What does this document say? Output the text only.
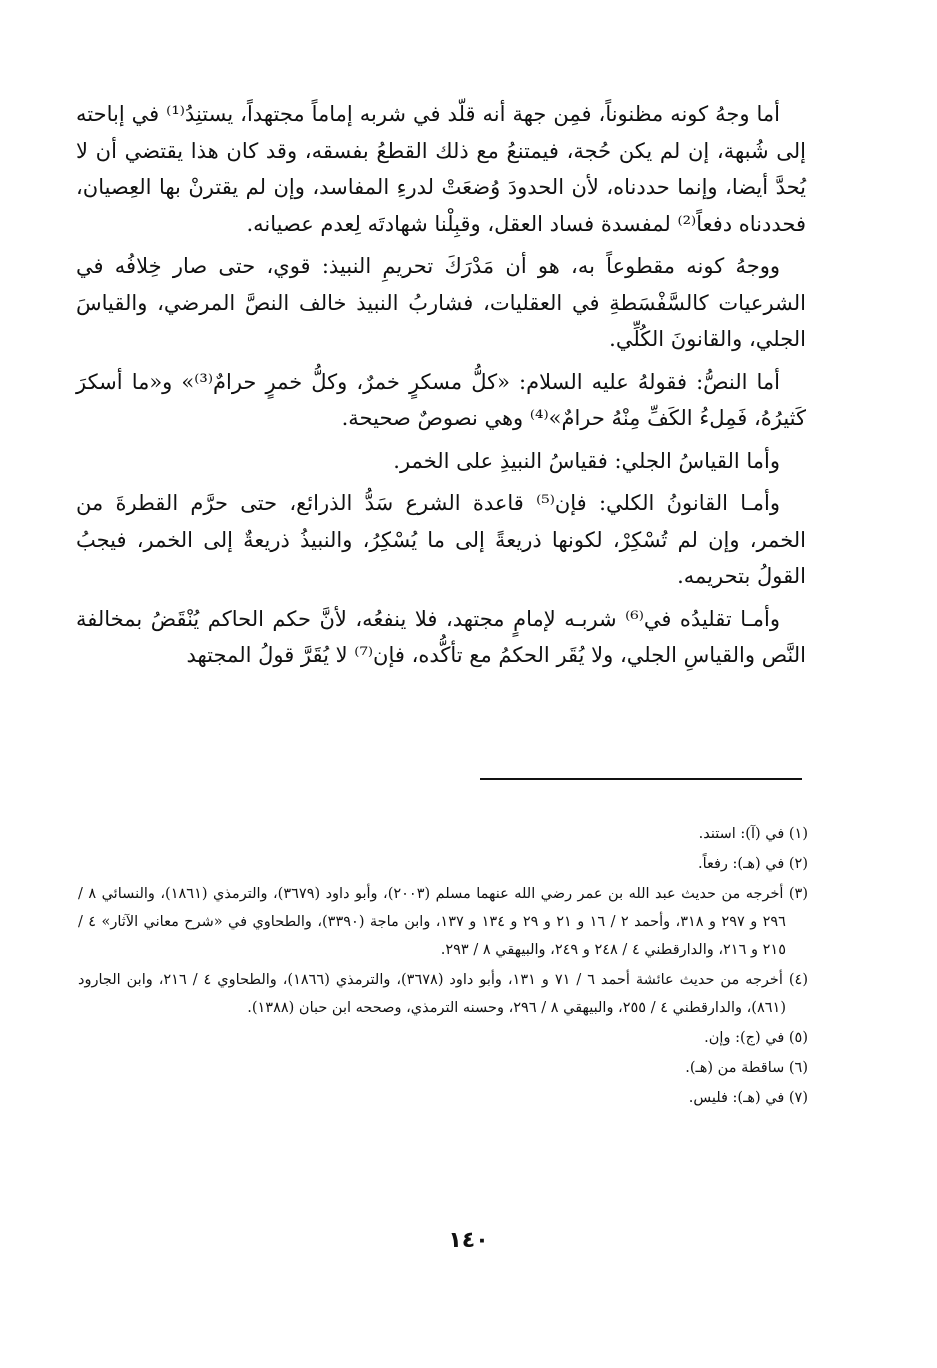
أما وجهُ كونه مظنوناً، فمِن جهة أنه قلّد في شربه إماماً مجتهداً، يستنِدُ⁽¹⁾ في إباحته إلى شُبهة، إن لم يكن حُجة، فيمتنعُ مع ذلك القطعُ بفسقه، وقد كان هذا يقتضي أن لا يُحدَّ أيضا، وإنما حددناه، لأن الحدودَ وُضعَتْ لدرءِ المفاسد، وإن لم يقترنْ بها العِصيان، فحددناه دفعاً⁽²⁾ لمفسدة فساد العقل، وقبِلْنا شهادتَه لِعدم عصيانه.

ووجهُ كونه مقطوعاً به، هو أن مَدْرَكَ تحريمِ النبيذ: قوي، حتى صار خِلافُه في الشرعيات كالسَّفْسَطةِ في العقليات، فشاربُ النبيذ خالف النصَّ المرضي، والقياسَ الجلي، والقانونَ الكُلِّي.

أما النصُّ: فقولهُ عليه السلام: «كلُّ مسكرٍ خمرٌ، وكلُّ خمرٍ حرامٌ⁽³⁾» و«ما أسكرَ كَثيرُهُ، فَمِلءُ الكَفِّ مِنْهُ حرامٌ»⁽⁴⁾ وهي نصوصٌ صحيحة.

وأما القياسُ الجلي: فقياسُ النبيذِ على الخمر.

وأمـا القانونُ الكلي: فإن⁽⁵⁾ قاعدة الشرع سَدُّ الذرائع، حتى حرَّم القطرةَ من الخمر، وإن لم تُسْكِرْ، لكونها ذريعةً إلى ما يُسْكِرُ، والنبيذُ ذريعةٌ إلى الخمر، فيجبُ القولُ بتحريمه.

وأمـا تقليدُه في⁽⁶⁾ شربـه لإمامٍ مجتهد، فلا ينفعُه، لأنَّ حكم الحاكم يُنْقَضُ بمخالفة النَّص والقياسِ الجلي، ولا يُقَر الحكمُ مع تأكُّده، فإن⁽⁷⁾ لا يُقَرَّ قولُ المجتهد

(١) في (آ): استند.

(٢) في (هـ): رفعاً.

(٣) أخرجه من حديث عبد الله بن عمر رضي الله عنهما مسلم (٢٠٠٣)، وأبو داود (٣٦٧٩)، والترمذي (١٨٦١)، والنسائي ٨ / ٢٩٦ و ٢٩٧ و ٣١٨، وأحمد ٢ / ١٦ و ٢١ و ٢٩ و ١٣٤ و ١٣٧، وابن ماجة (٣٣٩٠)، والطحاوي في «شرح معاني الآثار» ٤ / ٢١٥ و ٢١٦، والدارقطني ٤ / ٢٤٨ و ٢٤٩، والبيهقي ٨ / ٢٩٣.

(٤) أخرجه من حديث عائشة أحمد ٦ / ٧١ و ١٣١، وأبو داود (٣٦٧٨)، والترمذي (١٨٦٦)، والطحاوي ٤ / ٢١٦، وابن الجارود (٨٦١)، والدارقطني ٤ / ٢٥٥، والبيهقي ٨ / ٢٩٦، وحسنه الترمذي، وصححه ابن حبان (١٣٨٨).

(٥) في (ج): وإن.

(٦) ساقطة من (هـ).

(٧) في (هـ): فليس.

١٤٠
